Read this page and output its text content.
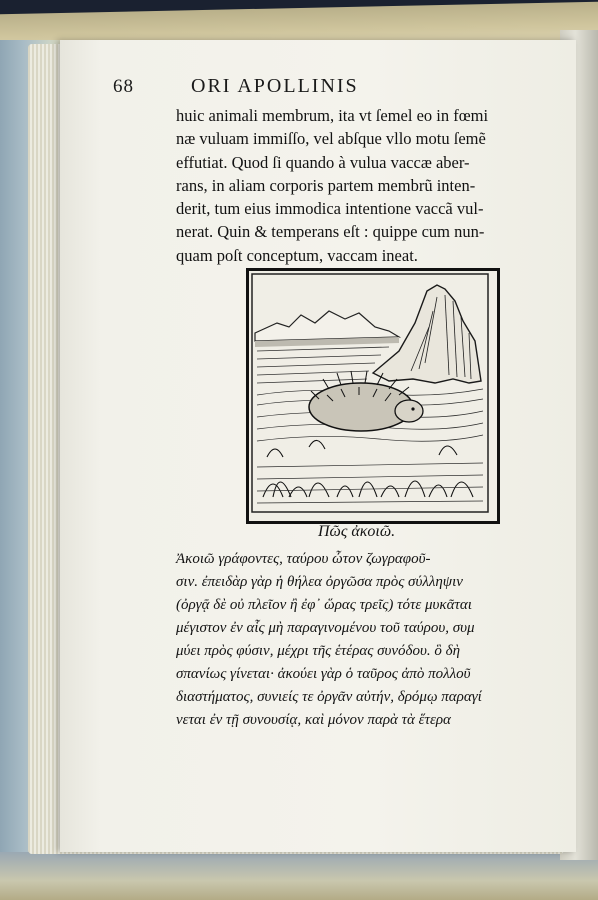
68	ORI APOLLINIS
huic animali membrum, ita vt ſemel eo in fœmi
næ vuluam immiſſo, vel abſque vllo motu ſemẽ
effutiat. Quod ſi quando à vulua vaccæ aber-
rans, in aliam corporis partem membrũ inten-
derit, tum eius immodica intentione vaccã vul-
nerat. Quin & temperans eſt : quippe cum nun-
quam poſt conceptum, vaccam ineat.
Πῶς ἀκοιῶ.
Ἀκοιῶ γράφοντες, ταύρου ὦτον ζωγραφοῦ-
σιν. ἐπειδὰρ γὰρ ἡ θήλεα ὀργῶσα πρὸς σύλληψιν
(ὀργᾷ δὲ οὐ πλεῖον ἢ ἐφ᾿ ὥρας τρεῖς) τότε μυκᾶται
μέγιστον ἐν αἷς μὴ παραγινομένου τοῦ ταύρου, συμ
μύει πρὸς φύσιν, μέχρι τῆς ἑτέρας συνόδου. ὃ δὴ
σπανίως γίνεται· ἀκούει γὰρ ὁ ταῦρος ἀπὸ πολλοῦ
διαστήματος, συνιείς τε ὀργᾶν αὐτήν, δρόμῳ παραγί
νεται ἐν τῇ συνουσίᾳ, καὶ μόνον παρὰ τὰ ἕτερα
